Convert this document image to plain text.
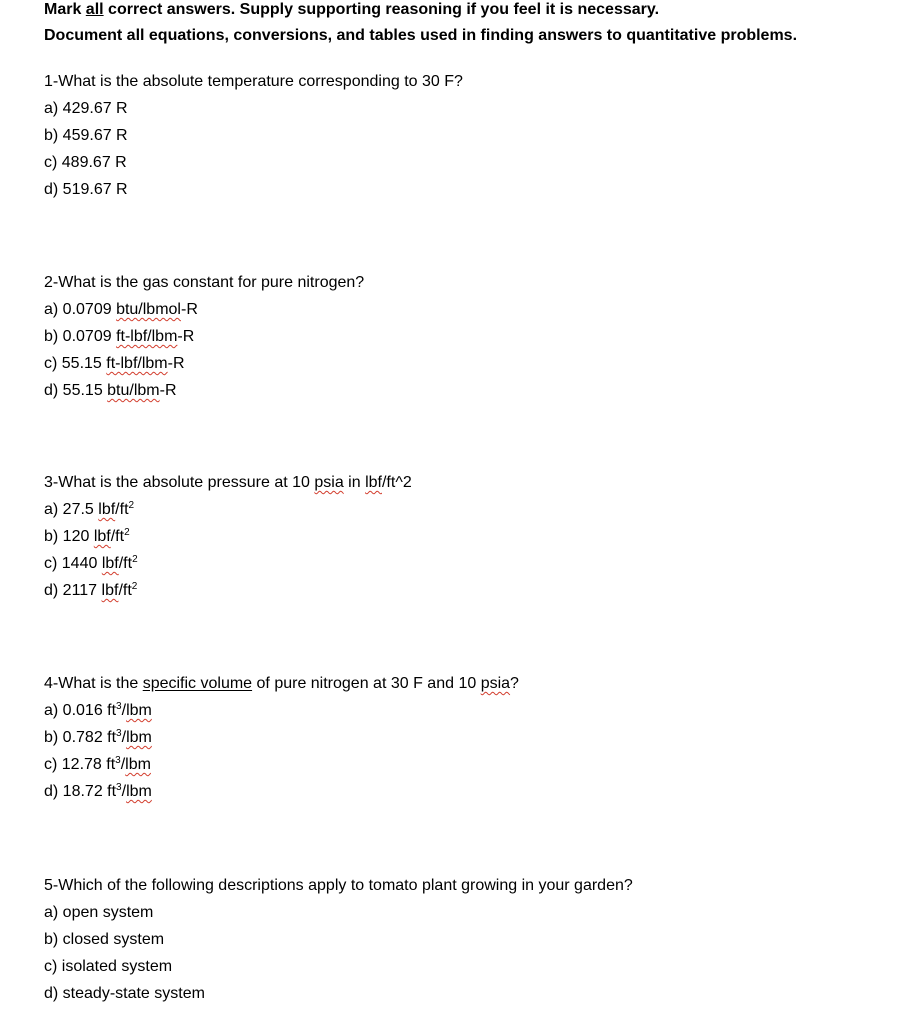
Mark all correct answers. Supply supporting reasoning if you feel it is necessary.
Document all equations, conversions, and tables used in finding answers to quantitative problems.
1-What is the absolute temperature corresponding to 30 F?
a) 429.67 R
b) 459.67 R
c) 489.67 R
d) 519.67 R
2-What is the gas constant for pure nitrogen?
a) 0.0709 btu/lbmol-R
b) 0.0709 ft-lbf/lbm-R
c) 55.15 ft-lbf/lbm-R
d) 55.15 btu/lbm-R
3-What is the absolute pressure at 10 psia in lbf/ft^2
a) 27.5 lbf/$ft^2$
b) 120 lbf/$ft^2$
c) 1440 lbf/$ft^2$
d) 2117 lbf/$ft^2$
4-What is the specific volume of pure nitrogen at 30 F and 10 psia?
a) 0.016 $ft^3$/lbm
b) 0.782 $ft^3$/lbm
c) 12.78 $ft^3$/lbm
d) 18.72 $ft^3$/lbm
5-Which of the following descriptions apply to tomato plant growing in your garden?
a) open system
b) closed system
c) isolated system
d) steady-state system
